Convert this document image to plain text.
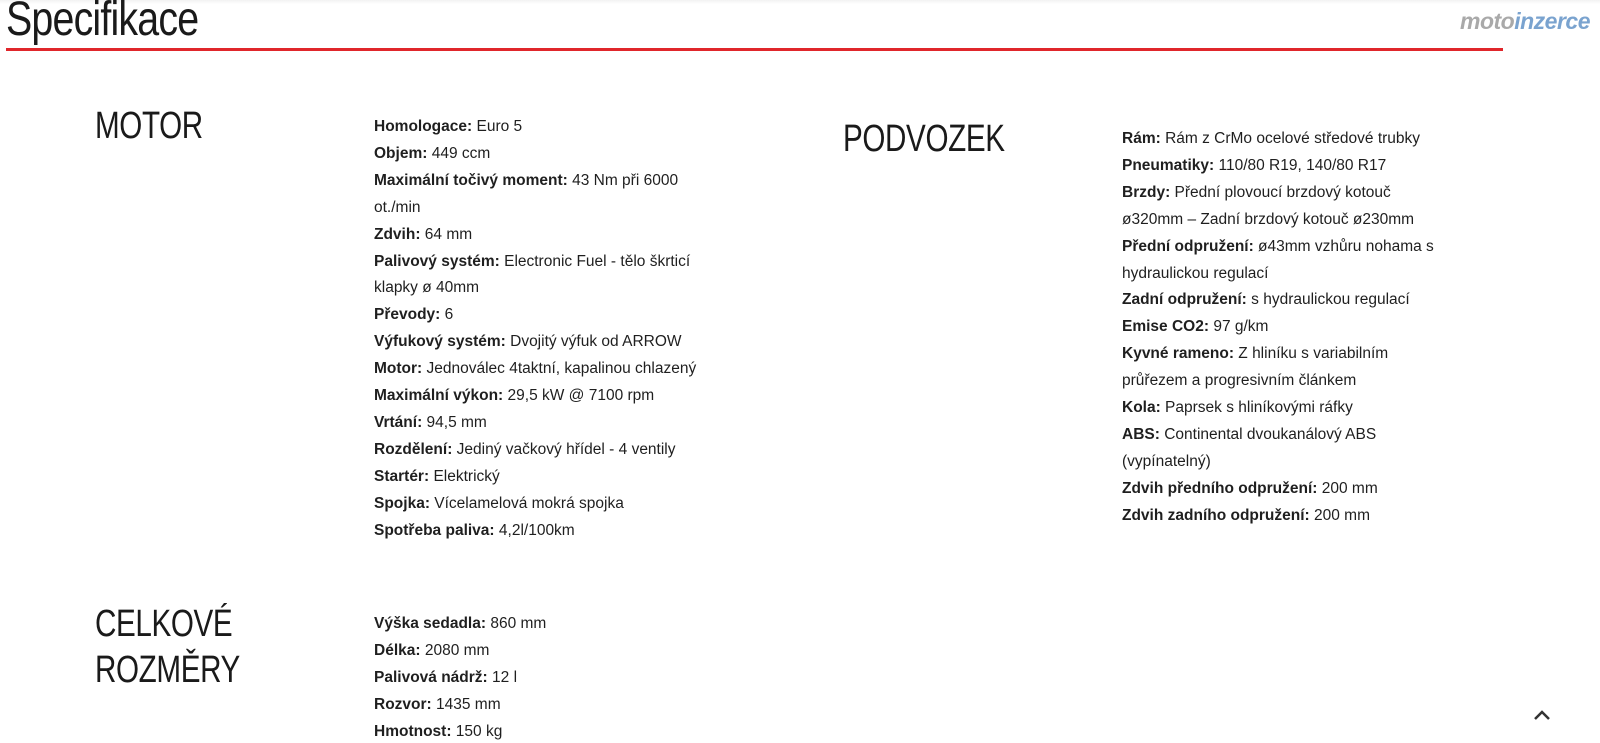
Specifikace	motoinzerce
MOTOR	Homologace: Euro 5
Objem: 449 ccm
Maximální točivý moment: 43 Nm při 6000 ot./min
Zdvih: 64 mm
Palivový systém: Electronic Fuel - tělo škrticí klapky ø 40mm
Převody: 6
Výfukový systém: Dvojitý výfuk od ARROW
Motor: Jednoválec 4taktní, kapalinou chlazený
Maximální výkon: 29,5 kW @ 7100 rpm
Vrtání: 94,5 mm
Rozdělení: Jediný vačkový hřídel - 4 ventily
Startér: Elektrický
Spojka: Vícelamelová mokrá spojka
Spotřeba paliva: 4,2l/100km
CELKOVÉ
ROZMĚRY
Výška sedadla: 860 mm
Délka: 2080 mm
Palivová nádrž: 12 l
Rozvor: 1435 mm
Hmotnost: 150 kg
PODVOZEK	Rám: Rám z CrMo ocelové středové trubky
Pneumatiky: 110/80 R19, 140/80 R17
Brzdy: Přední plovoucí brzdový kotouč ø320mm – Zadní brzdový kotouč ø230mm
Přední odpružení: ø43mm vzhůru nohama s hydraulickou regulací
Zadní odpružení: s hydraulickou regulací
Emise CO2: 97 g/km
Kyvné rameno: Z hliníku s variabilním průřezem a progresivním článkem
Kola: Paprsek s hliníkovými ráfky
ABS: Continental dvoukanálový ABS (vypínatelný)
Zdvih předního odpružení: 200 mm
Zdvih zadního odpružení: 200 mm
